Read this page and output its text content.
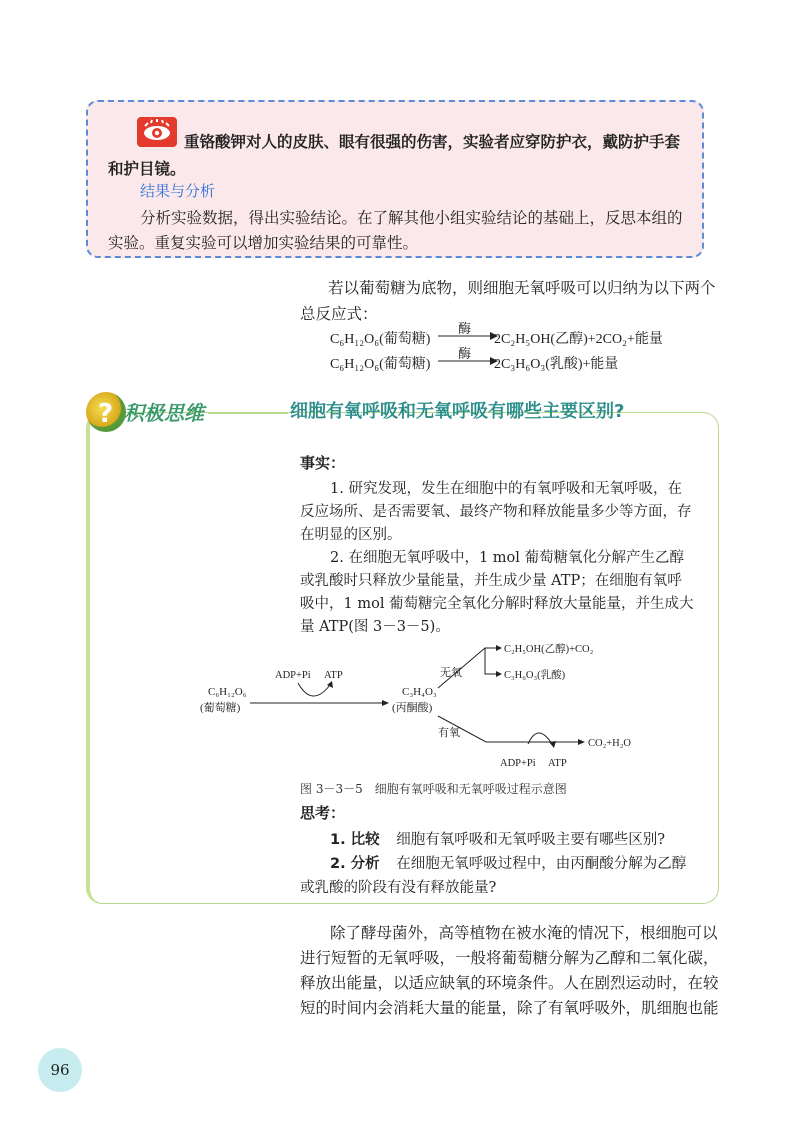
重铬酸钾对人的皮肤、眼有很强的伤害，实验者应穿防护衣，戴防护手套
和护目镜。
结果与分析
分析实验数据，得出实验结论。在了解其他小组实验结论的基础上，反思本组的
实验。重复实验可以增加实验结果的可靠性。
若以葡萄糖为底物，则细胞无氧呼吸可以归纳为以下两个
总反应式：
C₆H₁₂O₆(葡萄糖)
酶
2C₂H₅OH(乙醇)+2CO₂+能量
C₆H₁₂O₆(葡萄糖)
酶
2C₃H₆O₃(乳酸)+能量
? 积极思维	细胞有氧呼吸和无氧呼吸有哪些主要区别?
事实：
1. 研究发现，发生在细胞中的有氧呼吸和无氧呼吸，在
反应场所、是否需要氧、最终产物和释放能量多少等方面，存
在明显的区别。
2. 在细胞无氧呼吸中，1 mol 葡萄糖氧化分解产生乙醇
或乳酸时只释放少量能量，并生成少量 ATP；在细胞有氧呼
吸中，1 mol 葡萄糖完全氧化分解时释放大量能量，并生成大
量 ATP(图 3－3－5)。
C₆H₁₂O₆
(葡萄糖)
ADP+Pi ATP
C₃H₄O₃
(丙酮酸)
无氧
C₂H₅OH(乙醇)+CO₂
C₃H₆O₃(乳酸)
有氧
CO₂+H₂O
ADP+Pi ATP
图 3－3－5　细胞有氧呼吸和无氧呼吸过程示意图
思考：
1. 比较 细胞有氧呼吸和无氧呼吸主要有哪些区别?
2. 分析 在细胞无氧呼吸过程中，由丙酮酸分解为乙醇
或乳酸的阶段有没有释放能量?
除了酵母菌外，高等植物在被水淹的情况下，根细胞可以
进行短暂的无氧呼吸，一般将葡萄糖分解为乙醇和二氧化碳，
释放出能量，以适应缺氧的环境条件。人在剧烈运动时，在较
短的时间内会消耗大量的能量，除了有氧呼吸外，肌细胞也能
96
